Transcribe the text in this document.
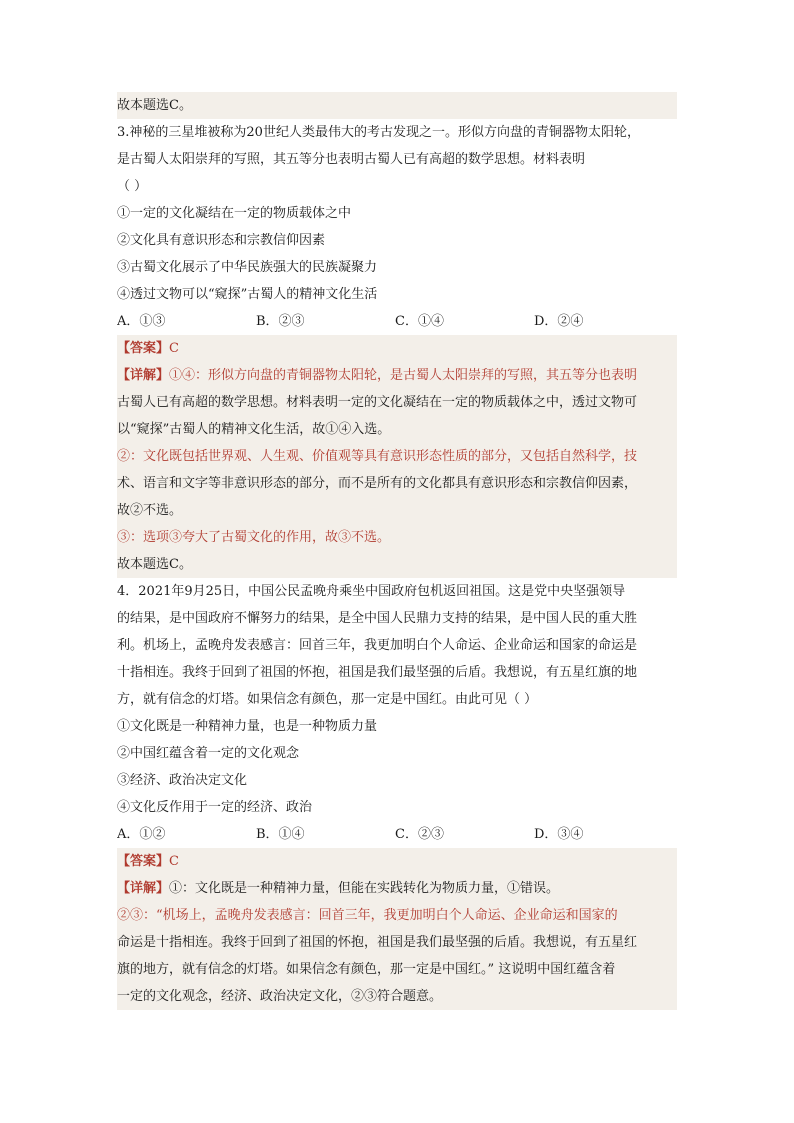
故本题选C。
3.神秘的三星堆被称为20世纪人类最伟大的考古发现之一。形似方向盘的青铜器物太阳轮，
是古蜀人太阳崇拜的写照，其五等分也表明古蜀人已有高超的数学思想。材料表明
（ ）
①一定的文化凝结在一定的物质载体之中
②文化具有意识形态和宗教信仰因素
③古蜀文化展示了中华民族强大的民族凝聚力
④透过文物可以“窥探”古蜀人的精神文化生活
A．①③	B．②③	C．①④	D．②④
【答案】C
【详解】①④：形似方向盘的青铜器物太阳轮，是古蜀人太阳崇拜的写照，其五等分也表明
古蜀人已有高超的数学思想。材料表明一定的文化凝结在一定的物质载体之中，透过文物可
以“窥探”古蜀人的精神文化生活，故①④入选。
②：文化既包括世界观、人生观、价值观等具有意识形态性质的部分，又包括自然科学，技
术、语言和文字等非意识形态的部分，而不是所有的文化都具有意识形态和宗教信仰因素，
故②不选。
③：选项③夸大了古蜀文化的作用，故③不选。
故本题选C。
4．2021年9月25日，中国公民孟晚舟乘坐中国政府包机返回祖国。这是党中央坚强领导
的结果，是中国政府不懈努力的结果，是全中国人民鼎力支持的结果，是中国人民的重大胜
利。机场上，孟晚舟发表感言：回首三年，我更加明白个人命运、企业命运和国家的命运是
十指相连。我终于回到了祖国的怀抱，祖国是我们最坚强的后盾。我想说，有五星红旗的地
方，就有信念的灯塔。如果信念有颜色，那一定是中国红。由此可见（ ）
①文化既是一种精神力量，也是一种物质力量
②中国红蕴含着一定的文化观念
③经济、政治决定文化
④文化反作用于一定的经济、政治
A．①②	B．①④	C．②③	D．③④
【答案】C
【详解】①：文化既是一种精神力量，但能在实践转化为物质力量，①错误。
②③：“机场上，孟晚舟发表感言：回首三年，我更加明白个人命运、企业命运和国家的
命运是十指相连。我终于回到了祖国的怀抱，祖国是我们最坚强的后盾。我想说，有五星红
旗的地方，就有信念的灯塔。如果信念有颜色，那一定是中国红。” 这说明中国红蕴含着
一定的文化观念，经济、政治决定文化，②③符合题意。
